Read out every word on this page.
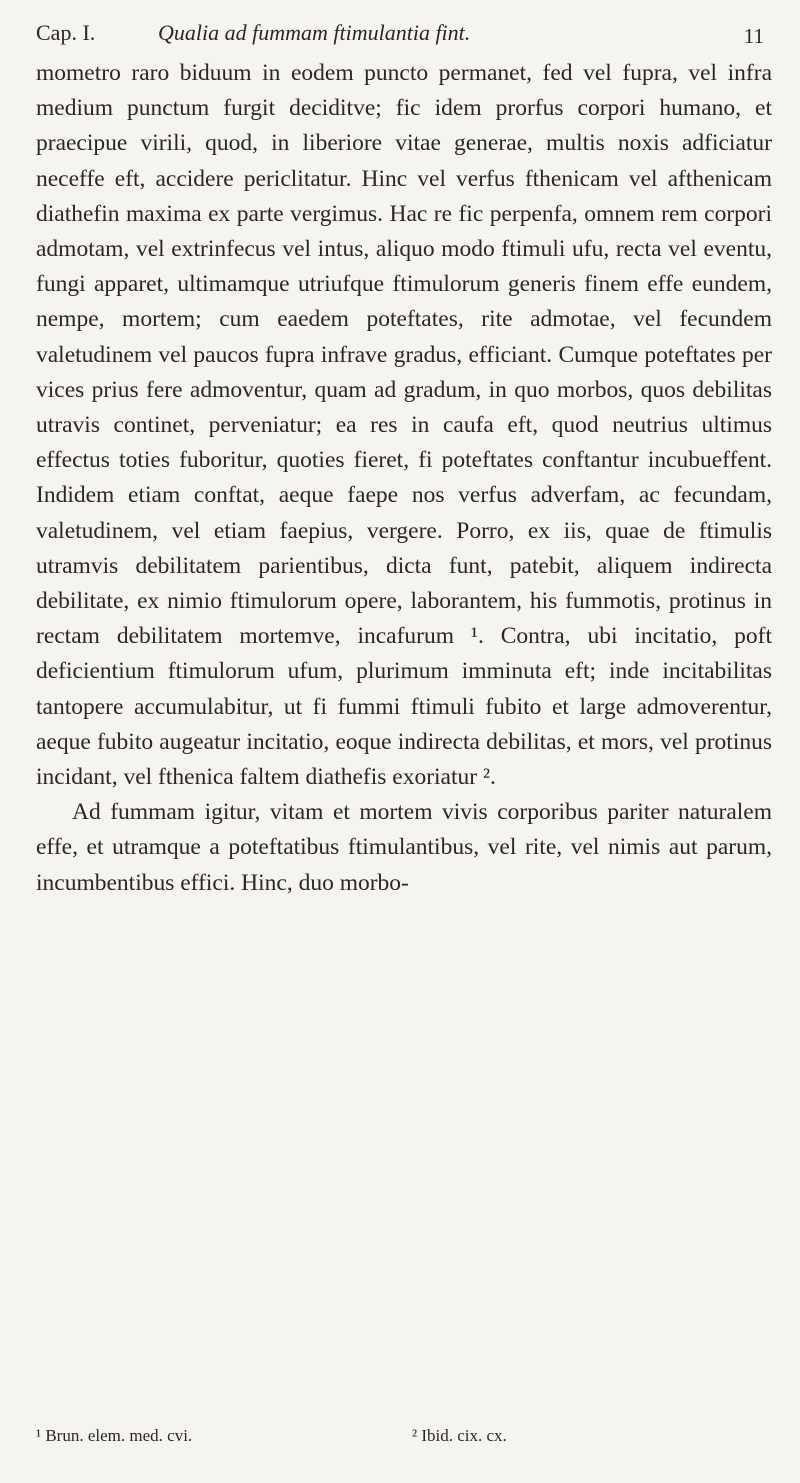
Cap. I.	Qualia ad fummam ftimulantia fint.	11

mometro raro biduum in eodem puncto permanet, fed vel fupra, vel infra medium punctum furgit deciditve; fic idem prorfus corpori humano, et praecipue virili, quod, in liberiore vitae generae, multis noxis adficiatur neceffe eft, accidere periclitatur. Hinc vel verfus fthenicam vel afthenicam diathefin maxima ex parte vergimus. Hac re fic perpenfa, omnem rem corpori admotam, vel extrinfecus vel intus, aliquo modo ftimuli ufu, recta vel eventu, fungi apparet, ultimamque utriufque ftimulorum generis finem effe eundem, nempe, mortem; cum eaedem poteftates, rite admotae, vel fecundem valetudinem vel paucos fupra infrave gradus, efficiant. Cumque poteftates per vices prius fere admoventur, quam ad gradum, in quo morbos, quos debilitas utravis continet, perveniatur; ea res in caufa eft, quod neutrius ultimus effectus toties fuboritur, quoties fieret, fi poteftates conftantur incubueffent. Indidem etiam conftat, aeque faepe nos verfus adverfam, ac fecundam, valetudinem, vel etiam faepius, vergere. Porro, ex iis, quae de ftimulis utramvis debilitatem parientibus, dicta funt, patebit, aliquem indirecta debilitate, ex nimio ftimulorum opere, laborantem, his fummotis, protinus in rectam debilitatem mortemve, incafurum ¹. Contra, ubi incitatio, poft deficientium ftimulorum ufum, plurimum imminuta eft; inde incitabilitas tantopere accumulabitur, ut fi fummi ftimuli fubito et large admoverentur, aeque fubito augeatur incitatio, eoque indirecta debilitas, et mors, vel protinus incidant, vel fthenica faltem diathefis exoriatur ².

Ad fummam igitur, vitam et mortem vivis corporibus pariter naturalem effe, et utramque a poteftatibus ftimulantibus, vel rite, vel nimis aut parum, incumbentibus effici. Hinc, duo morbo-

¹ Brun. elem. med. cvi.	² Ibid. cix. cx.
